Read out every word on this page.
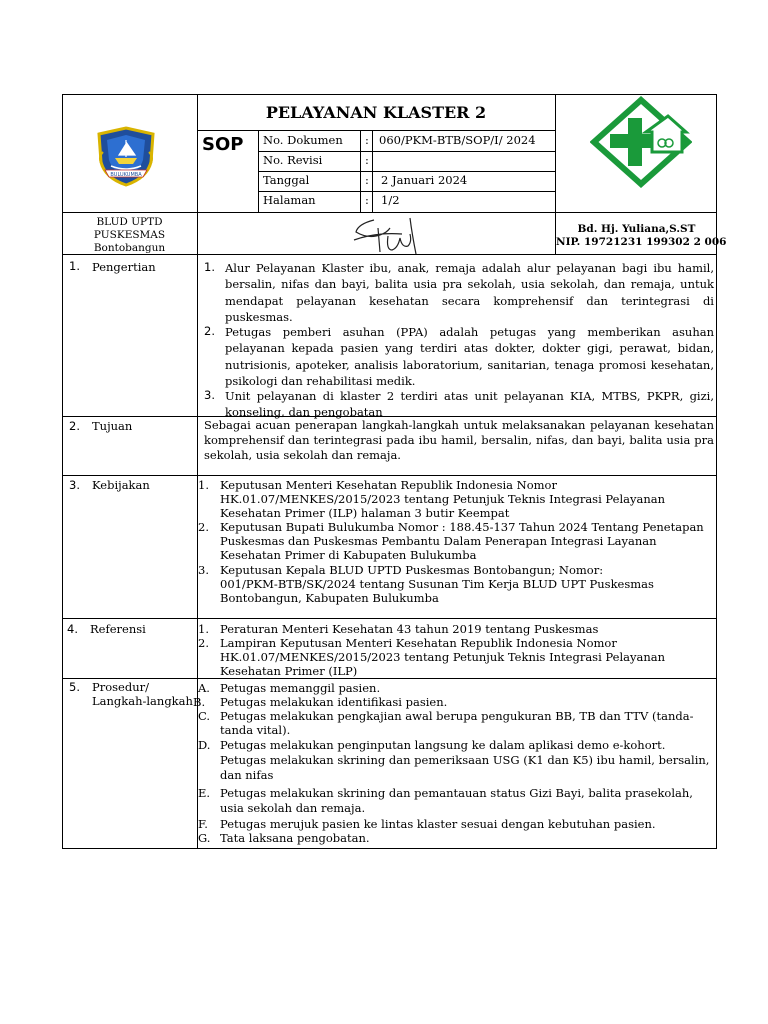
BULUKUMBA
PELAYANAN KLASTER 2
SOP No. Dokumen : 060/PKM-BTB/SOP/I/ 2024
No. Revisi	:
Tanggal	: 2 Januari 2024
Halaman	: 1/2
BLUD UPTD
PUSKESMAS
Bontobangun
Bd. Hj. Yuliana,S.ST
NIP. 19721231 199302 2 006
1. Pengertian	1. Alur Pelayanan Klaster ibu, anak, remaja adalah alur pelayanan bagi ibu hamil, bersalin, nifas dan bayi, balita usia pra sekolah, usia sekolah, dan remaja, untuk mendapat pelayanan kesehatan secara komprehensif dan terintegrasi di puskesmas.
2. Petugas pemberi asuhan (PPA) adalah petugas yang memberikan asuhan pelayanan kepada pasien yang terdiri atas dokter, dokter gigi, perawat, bidan, nutrisionis, apoteker, analisis laboratorium, sanitarian, tenaga promosi kesehatan, psikologi dan rehabilitasi medik.
3. Unit pelayanan di klaster 2 terdiri atas unit pelayanan KIA, MTBS, PKPR, gizi, konseling, dan pengobatan
2. Tujuan	Sebagai acuan penerapan langkah-langkah untuk melaksanakan pelayanan kesehatan komprehensif dan terintegrasi pada ibu hamil, bersalin, nifas, dan bayi, balita usia pra sekolah, usia sekolah dan remaja.
3. Kebijakan	1. Keputusan Menteri Kesehatan Republik Indonesia Nomor
HK.01.07/MENKES/2015/2023 tentang Petunjuk Teknis Integrasi Pelayanan
Kesehatan Primer (ILP) halaman 3 butir Keempat
2. Keputusan Bupati Bulukumba Nomor : 188.45-137 Tahun 2024 Tentang Penetapan
Puskesmas dan Puskesmas Pembantu Dalam Penerapan Integrasi Layanan
Kesehatan Primer di Kabupaten Bulukumba
3. Keputusan Kepala BLUD UPTD Puskesmas Bontobangun; Nomor:
001/PKM-BTB/SK/2024 tentang Susunan Tim Kerja BLUD UPT Puskesmas
Bontobangun, Kabupaten Bulukumba
4. Referensi	1. Peraturan Menteri Kesehatan 43 tahun 2019 tentang Puskesmas
2. Lampiran Keputusan Menteri Kesehatan Republik Indonesia Nomor
HK.01.07/MENKES/2015/2023 tentang Petunjuk Teknis Integrasi Pelayanan
Kesehatan Primer (ILP)
5. Prosedur/
Langkah-langkah
A. Petugas memanggil pasien.
B. Petugas melakukan identifikasi pasien.
C. Petugas melakukan pengkajian awal berupa pengukuran BB, TB dan TTV (tanda-
tanda vital).
D. Petugas melakukan penginputan langsung ke dalam aplikasi demo e-kohort.
Petugas melakukan skrining dan pemeriksaan USG (K1 dan K5) ibu hamil, bersalin,
dan nifas
E. Petugas melakukan skrining dan pemantauan status Gizi Bayi, balita prasekolah,
usia sekolah dan remaja.
F. Petugas merujuk pasien ke lintas klaster sesuai dengan kebutuhan pasien.
G. Tata laksana pengobatan.
